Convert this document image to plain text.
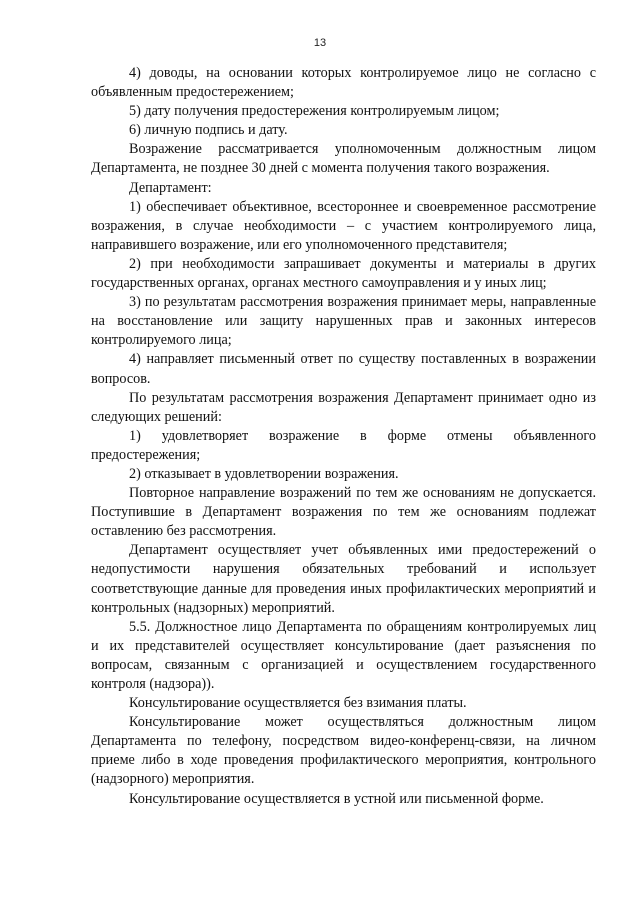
13

4) доводы, на основании которых контролируемое лицо не согласно с объявленным предостережением;

5) дату получения предостережения контролируемым лицом;

6) личную подпись и дату.

Возражение рассматривается уполномоченным должностным лицом Департамента, не позднее 30 дней с момента получения такого возражения.

Департамент:

1) обеспечивает объективное, всестороннее и своевременное рассмотрение возражения, в случае необходимости – с участием контролируемого лица, направившего возражение, или его уполномоченного представителя;

2) при необходимости запрашивает документы и материалы в других государственных органах, органах местного самоуправления и у иных лиц;

3) по результатам рассмотрения возражения принимает меры, направленные на восстановление или защиту нарушенных прав и законных интересов контролируемого лица;

4) направляет письменный ответ по существу поставленных в возражении вопросов.

По результатам рассмотрения возражения Департамент принимает одно из следующих решений:

1) удовлетворяет возражение в форме отмены объявленного предостережения;

2) отказывает в удовлетворении возражения.

Повторное направление возражений по тем же основаниям не допускается. Поступившие в Департамент возражения по тем же основаниям подлежат оставлению без рассмотрения.

Департамент осуществляет учет объявленных ими предостережений о недопустимости нарушения обязательных требований и использует соответствующие данные для проведения иных профилактических мероприятий и контрольных (надзорных) мероприятий.

5.5. Должностное лицо Департамента по обращениям контролируемых лиц и их представителей осуществляет консультирование (дает разъяснения по вопросам, связанным с организацией и осуществлением государственного контроля (надзора)).

Консультирование осуществляется без взимания платы.

Консультирование может осуществляться должностным лицом Департамента по телефону, посредством видео-конференц-связи, на личном приеме либо в ходе проведения профилактического мероприятия, контрольного (надзорного) мероприятия.

Консультирование осуществляется в устной или письменной форме.
